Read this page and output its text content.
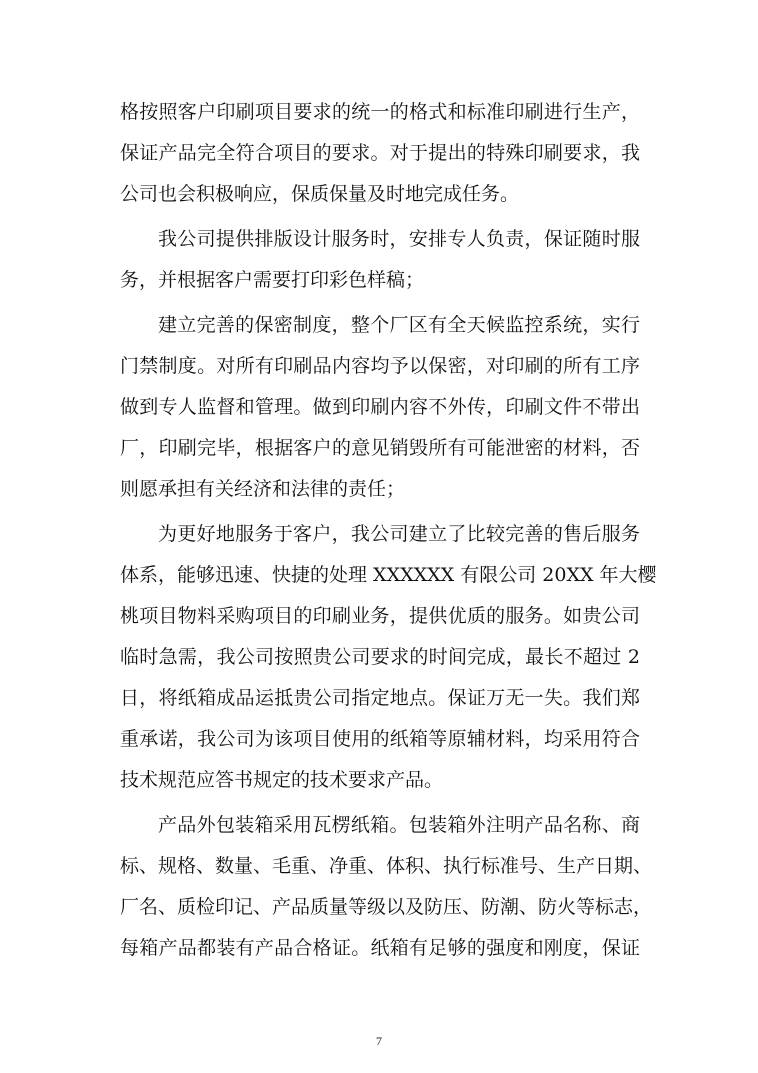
格按照客户印刷项目要求的统一的格式和标准印刷进行生产，
保证产品完全符合项目的要求。对于提出的特殊印刷要求，我
公司也会积极响应，保质保量及时地完成任务。
我公司提供排版设计服务时，安排专人负责，保证随时服
务，并根据客户需要打印彩色样稿；
建立完善的保密制度，整个厂区有全天候监控系统，实行
门禁制度。对所有印刷品内容均予以保密，对印刷的所有工序
做到专人监督和管理。做到印刷内容不外传，印刷文件不带出
厂，印刷完毕，根据客户的意见销毁所有可能泄密的材料，否
则愿承担有关经济和法律的责任；
为更好地服务于客户，我公司建立了比较完善的售后服务
体系，能够迅速、快捷的处理 XXXXXX 有限公司 20XX 年大樱
桃项目物料采购项目的印刷业务，提供优质的服务。如贵公司
临时急需，我公司按照贵公司要求的时间完成，最长不超过 2
日，将纸箱成品运抵贵公司指定地点。保证万无一失。我们郑
重承诺，我公司为该项目使用的纸箱等原辅材料，均采用符合
技术规范应答书规定的技术要求产品。
产品外包装箱采用瓦楞纸箱。包装箱外注明产品名称、商
标、规格、数量、毛重、净重、体积、执行标准号、生产日期、
厂名、质检印记、产品质量等级以及防压、防潮、防火等标志，
每箱产品都装有产品合格证。纸箱有足够的强度和刚度，保证
7
